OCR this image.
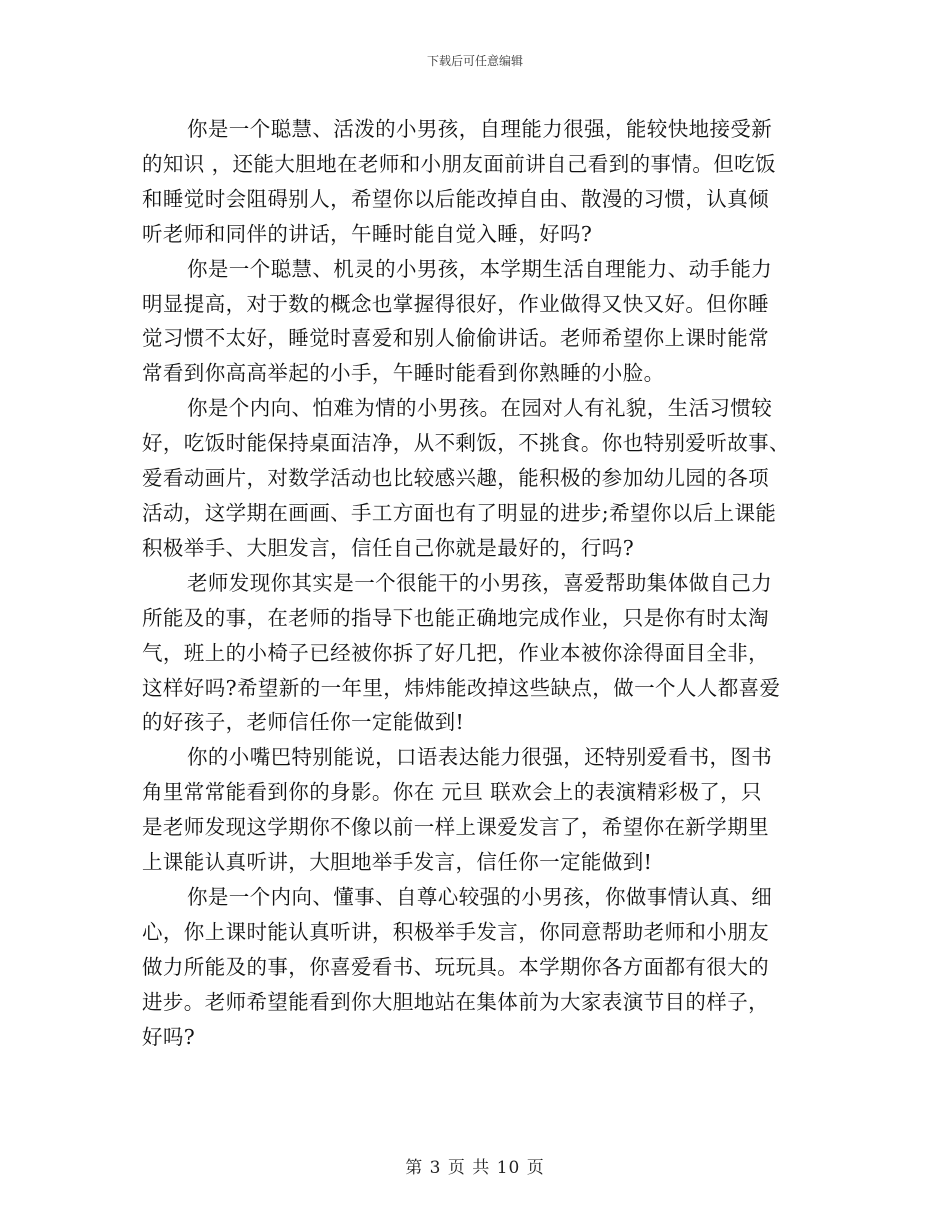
下载后可任意编辑
你是一个聪慧、活泼的小男孩，自理能力很强，能较快地接受新
的知识 ，还能大胆地在老师和小朋友面前讲自己看到的事情。但吃饭
和睡觉时会阻碍别人，希望你以后能改掉自由、散漫的习惯，认真倾
听老师和同伴的讲话，午睡时能自觉入睡，好吗?
你是一个聪慧、机灵的小男孩，本学期生活自理能力、动手能力
明显提高，对于数的概念也掌握得很好，作业做得又快又好。但你睡
觉习惯不太好，睡觉时喜爱和别人偷偷讲话。老师希望你上课时能常
常看到你高高举起的小手，午睡时能看到你熟睡的小脸。
你是个内向、怕难为情的小男孩。在园对人有礼貌，生活习惯较
好，吃饭时能保持桌面洁净，从不剩饭，不挑食。你也特别爱听故事、
爱看动画片，对数学活动也比较感兴趣，能积极的参加幼儿园的各项
活动，这学期在画画、手工方面也有了明显的进步;希望你以后上课能
积极举手、大胆发言，信任自己你就是最好的，行吗?
老师发现你其实是一个很能干的小男孩，喜爱帮助集体做自己力
所能及的事，在老师的指导下也能正确地完成作业，只是你有时太淘
气，班上的小椅子已经被你拆了好几把，作业本被你涂得面目全非，
这样好吗?希望新的一年里，炜炜能改掉这些缺点，做一个人人都喜爱
的好孩子，老师信任你一定能做到!
你的小嘴巴特别能说，口语表达能力很强，还特别爱看书，图书
角里常常能看到你的身影。你在 元旦 联欢会上的表演精彩极了，只
是老师发现这学期你不像以前一样上课爱发言了，希望你在新学期里
上课能认真听讲，大胆地举手发言，信任你一定能做到!
你是一个内向、懂事、自尊心较强的小男孩，你做事情认真、细
心，你上课时能认真听讲，积极举手发言，你同意帮助老师和小朋友
做力所能及的事，你喜爱看书、玩玩具。本学期你各方面都有很大的
进步。老师希望能看到你大胆地站在集体前为大家表演节目的样子，
好吗?
第 3 页 共 10 页
